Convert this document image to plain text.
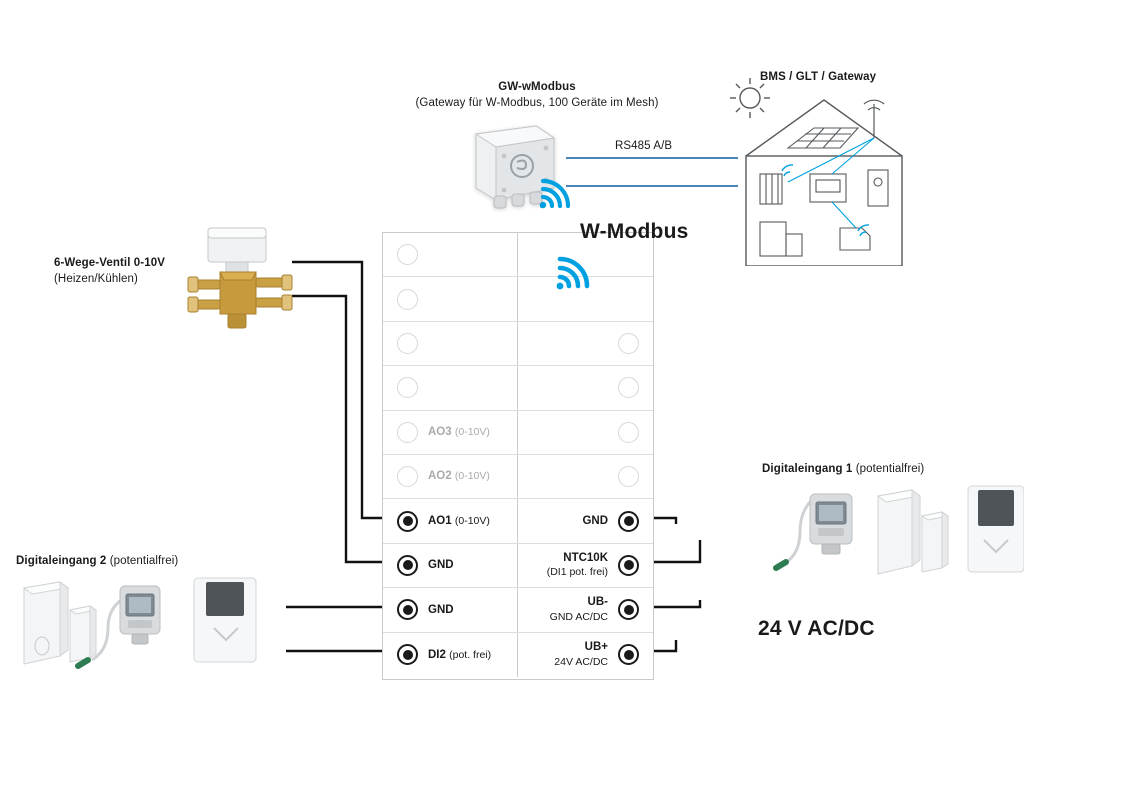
AO3 (0-10V)
AO2 (0-10V)
AO1 (0-10V)	GND
GND
NTC10K
(DI1 pot. frei)
GND
UB-
GND AC/DC
DI2 (pot. frei)
UB+
24V AC/DC
GW-wModbus
(Gateway für W-Modbus, 100 Geräte im Mesh)
RS485 A/B
W-Modbus
BMS / GLT / Gateway
6-Wege-Ventil 0-10V
(Heizen/Kühlen)
Digitaleingang 2 (potentialfrei)
Digitaleingang 1 (potentialfrei)
24 V AC/DC
